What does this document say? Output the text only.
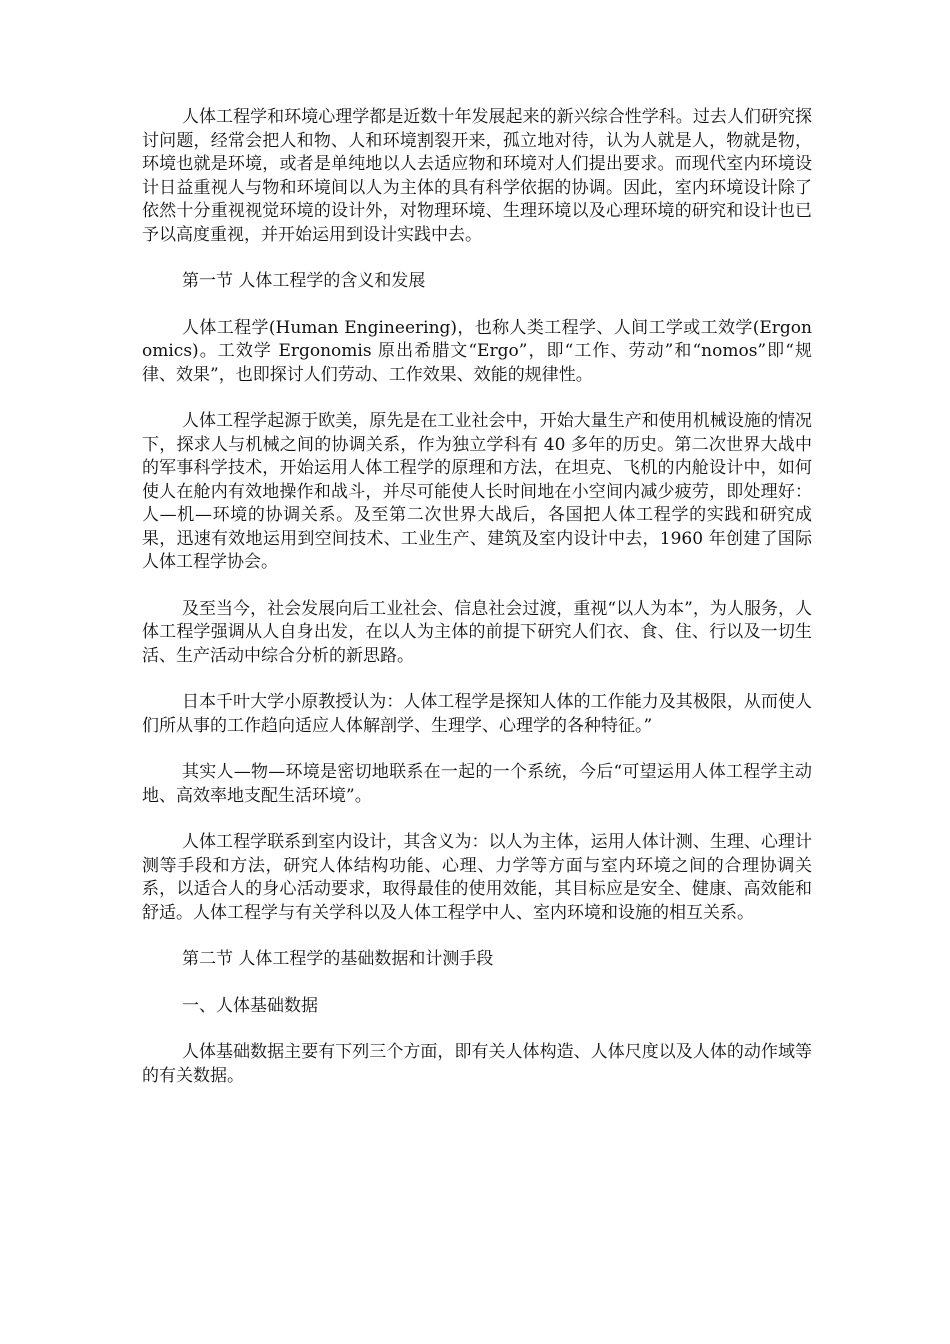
人体工程学和环境心理学都是近数十年发展起来的新兴综合性学科。过去人们研究探讨问题，经常会把人和物、人和环境割裂开来，孤立地对待，认为人就是人，物就是物，环境也就是环境，或者是单纯地以人去适应物和环境对人们提出要求。而现代室内环境设计日益重视人与物和环境间以人为主体的具有科学依据的协调。因此，室内环境设计除了依然十分重视视觉环境的设计外，对物理环境、生理环境以及心理环境的研究和设计也已予以高度重视，并开始运用到设计实践中去。

第一节 人体工程学的含义和发展

人体工程学(Human Engineering)，也称人类工程学、人间工学或工效学(Ergonomics)。工效学 Ergonomis 原出希腊文“Ergo”，即“工作、劳动”和“nomos”即“规律、效果”，也即探讨人们劳动、工作效果、效能的规律性。

人体工程学起源于欧美，原先是在工业社会中，开始大量生产和使用机械设施的情况下，探求人与机械之间的协调关系，作为独立学科有 40 多年的历史。第二次世界大战中的军事科学技术，开始运用人体工程学的原理和方法，在坦克、飞机的内舱设计中，如何使人在舱内有效地操作和战斗，并尽可能使人长时间地在小空间内减少疲劳，即处理好：人—机—环境的协调关系。及至第二次世界大战后，各国把人体工程学的实践和研究成果，迅速有效地运用到空间技术、工业生产、建筑及室内设计中去，1960 年创建了国际人体工程学协会。

及至当今，社会发展向后工业社会、信息社会过渡，重视“以人为本”，为人服务，人体工程学强调从人自身出发，在以人为主体的前提下研究人们衣、食、住、行以及一切生活、生产活动中综合分析的新思路。

日本千叶大学小原教授认为：人体工程学是探知人体的工作能力及其极限，从而使人们所从事的工作趋向适应人体解剖学、生理学、心理学的各种特征。”

其实人—物—环境是密切地联系在一起的一个系统，今后“可望运用人体工程学主动地、高效率地支配生活环境”。

人体工程学联系到室内设计，其含义为：以人为主体，运用人体计测、生理、心理计测等手段和方法，研究人体结构功能、心理、力学等方面与室内环境之间的合理协调关系，以适合人的身心活动要求，取得最佳的使用效能，其目标应是安全、健康、高效能和舒适。人体工程学与有关学科以及人体工程学中人、室内环境和设施的相互关系。

第二节 人体工程学的基础数据和计测手段

一、人体基础数据

人体基础数据主要有下列三个方面，即有关人体构造、人体尺度以及人体的动作域等的有关数据。
